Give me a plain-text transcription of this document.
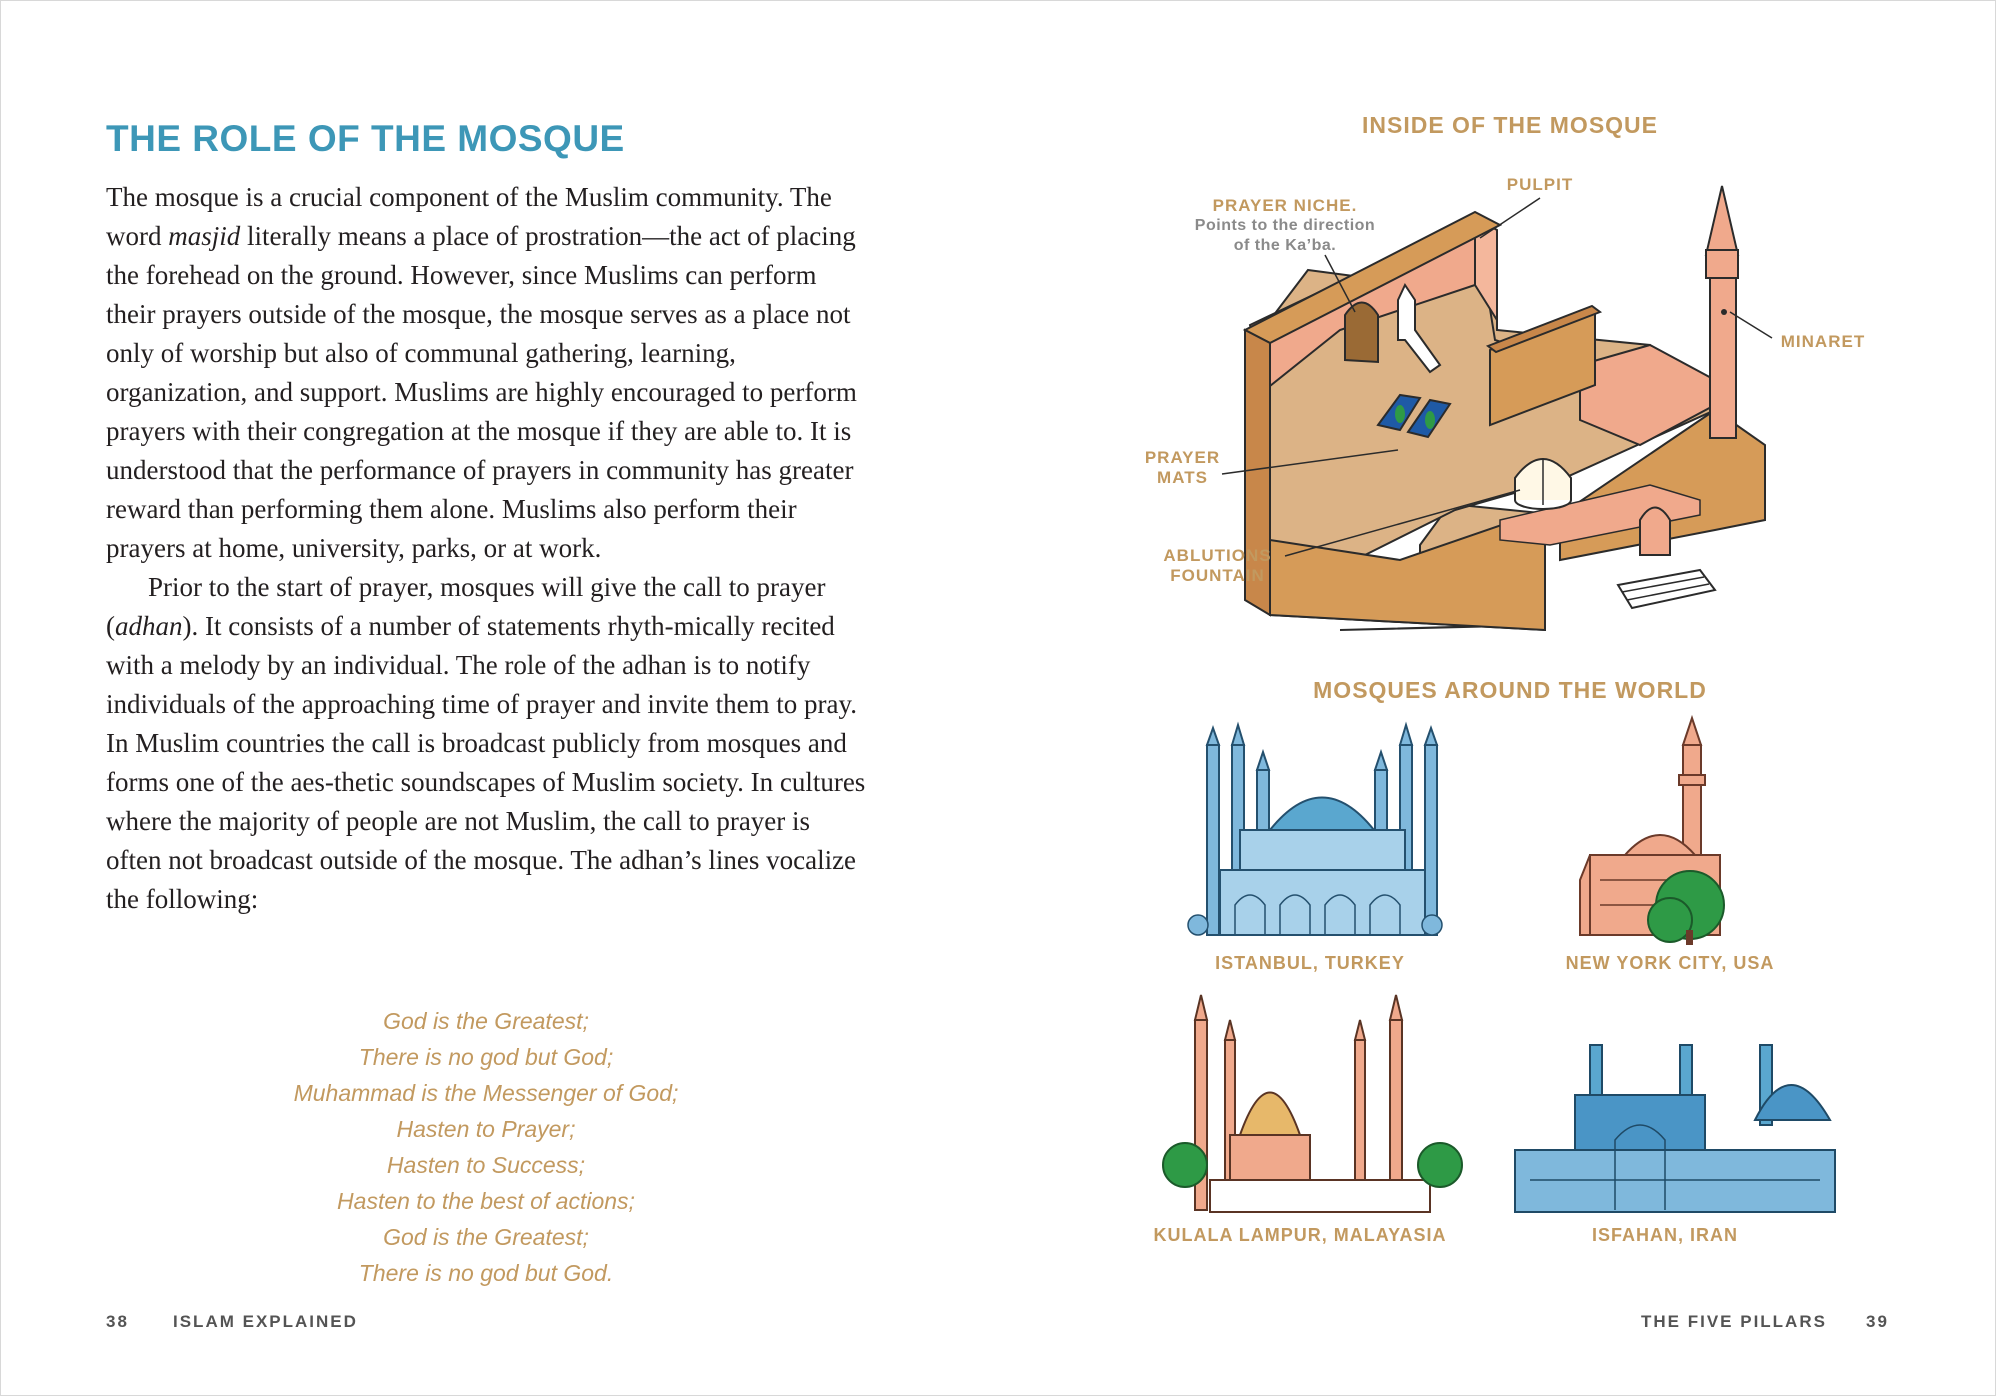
THE ROLE OF THE MOSQUE

The mosque is a crucial component of the Muslim community. The word masjid literally means a place of prostration—the act of placing the forehead on the ground. However, since Muslims can perform their prayers outside of the mosque, the mosque serves as a place not only of worship but also of communal gathering, learning, organization, and support. Muslims are highly encouraged to perform prayers with their congregation at the mosque if they are able to. It is understood that the performance of prayers in community has greater reward than performing them alone. Muslims also perform their prayers at home, university, parks, or at work.

Prior to the start of prayer, mosques will give the call to prayer (adhan). It consists of a number of statements rhyth-mically recited with a melody by an individual. The role of the adhan is to notify individuals of the approaching time of prayer and invite them to pray. In Muslim countries the call is broadcast publicly from mosques and forms one of the aes-thetic soundscapes of Muslim society. In cultures where the majority of people are not Muslim, the call to prayer is often not broadcast outside of the mosque. The adhan’s lines vocalize the following:

God is the Greatest;
There is no god but God;
Muhammad is the Messenger of God;
Hasten to Prayer;
Hasten to Success;
Hasten to the best of actions;
God is the Greatest;
There is no god but God.
38	ISLAM EXPLAINED
INSIDE OF THE MOSQUE
PULPIT
PRAYER NICHE.
Points to the direction
of the Ka’ba.
MINARET
PRAYER
MATS
ABLUTIONS
FOUNTAIN
MOSQUES AROUND THE WORLD
ISTANBUL, TURKEY	NEW YORK CITY, USA
KULALA LAMPUR, MALAYASIA	ISFAHAN, IRAN
THE FIVE PILLARS 39
